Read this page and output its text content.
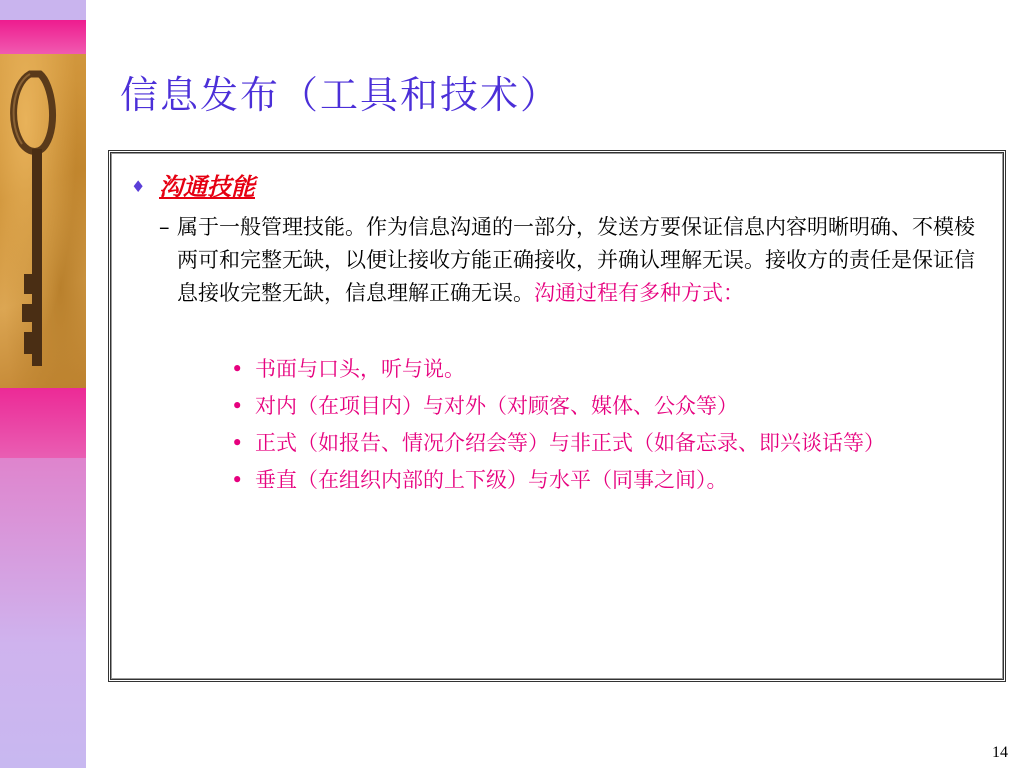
信息发布（工具和技术）
♦ 沟通技能
– 属于一般管理技能。作为信息沟通的一部分，发送方要保证信息内容明晰明确、不模棱两可和完整无缺，以便让接收方能正确接收，并确认理解无误。接收方的责任是保证信息接收完整无缺，信息理解正确无误。沟通过程有多种方式：
• 书面与口头，听与说。
• 对内（在项目内）与对外（对顾客、媒体、公众等）
• 正式（如报告、情况介绍会等）与非正式（如备忘录、即兴谈话等）
• 垂直（在组织内部的上下级）与水平（同事之间）。
14
